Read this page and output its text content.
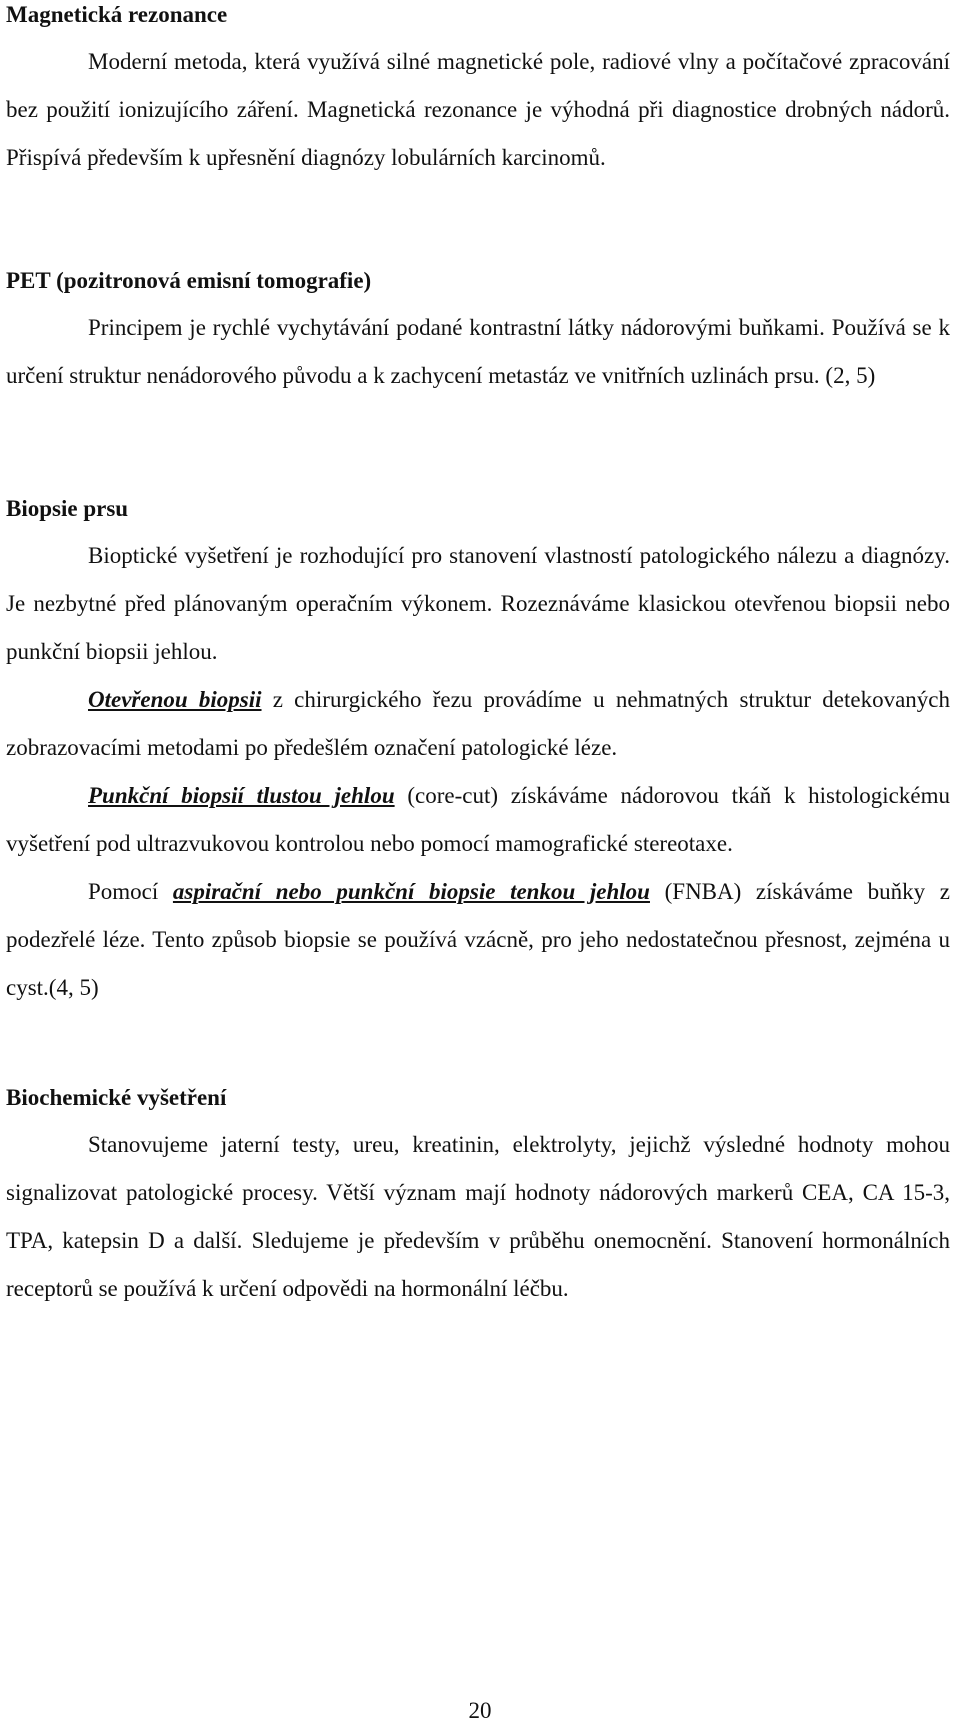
Magnetická rezonance

Moderní metoda, která využívá silné magnetické pole, radiové vlny a počítačové zpracování bez použití ionizujícího záření. Magnetická rezonance je výhodná při diagnostice drobných nádorů. Přispívá především k upřesnění diagnózy lobulárních karcinomů.

PET (pozitronová emisní tomografie)

Principem je rychlé vychytávání podané kontrastní látky nádorovými buňkami. Používá se k určení struktur nenádorového původu a k zachycení metastáz ve vnitřních uzlinách prsu. (2, 5)

Biopsie prsu

Bioptické vyšetření je rozhodující pro stanovení vlastností patologického nálezu a diagnózy. Je nezbytné před plánovaným operačním výkonem. Rozeznáváme klasickou otevřenou biopsii nebo punkční biopsii jehlou.

Otevřenou biopsii z chirurgického řezu provádíme u nehmatných struktur detekovaných zobrazovacími metodami po předešlém označení patologické léze.

Punkční biopsií tlustou jehlou (core-cut) získáváme nádorovou tkáň k histologickému vyšetření pod ultrazvukovou kontrolou nebo pomocí mamografické stereotaxe.

Pomocí aspirační nebo punkční biopsie tenkou jehlou (FNBA) získáváme buňky z podezřelé léze. Tento způsob biopsie se používá vzácně, pro jeho nedostatečnou přesnost, zejména u cyst.(4, 5)

Biochemické vyšetření

Stanovujeme jaterní testy, ureu, kreatinin, elektrolyty, jejichž výsledné hodnoty mohou signalizovat patologické procesy. Větší význam mají hodnoty nádorových markerů CEA, CA 15-3, TPA, katepsin D a další. Sledujeme je především v průběhu onemocnění. Stanovení hormonálních receptorů se používá k určení odpovědi na hormonální léčbu.

20
